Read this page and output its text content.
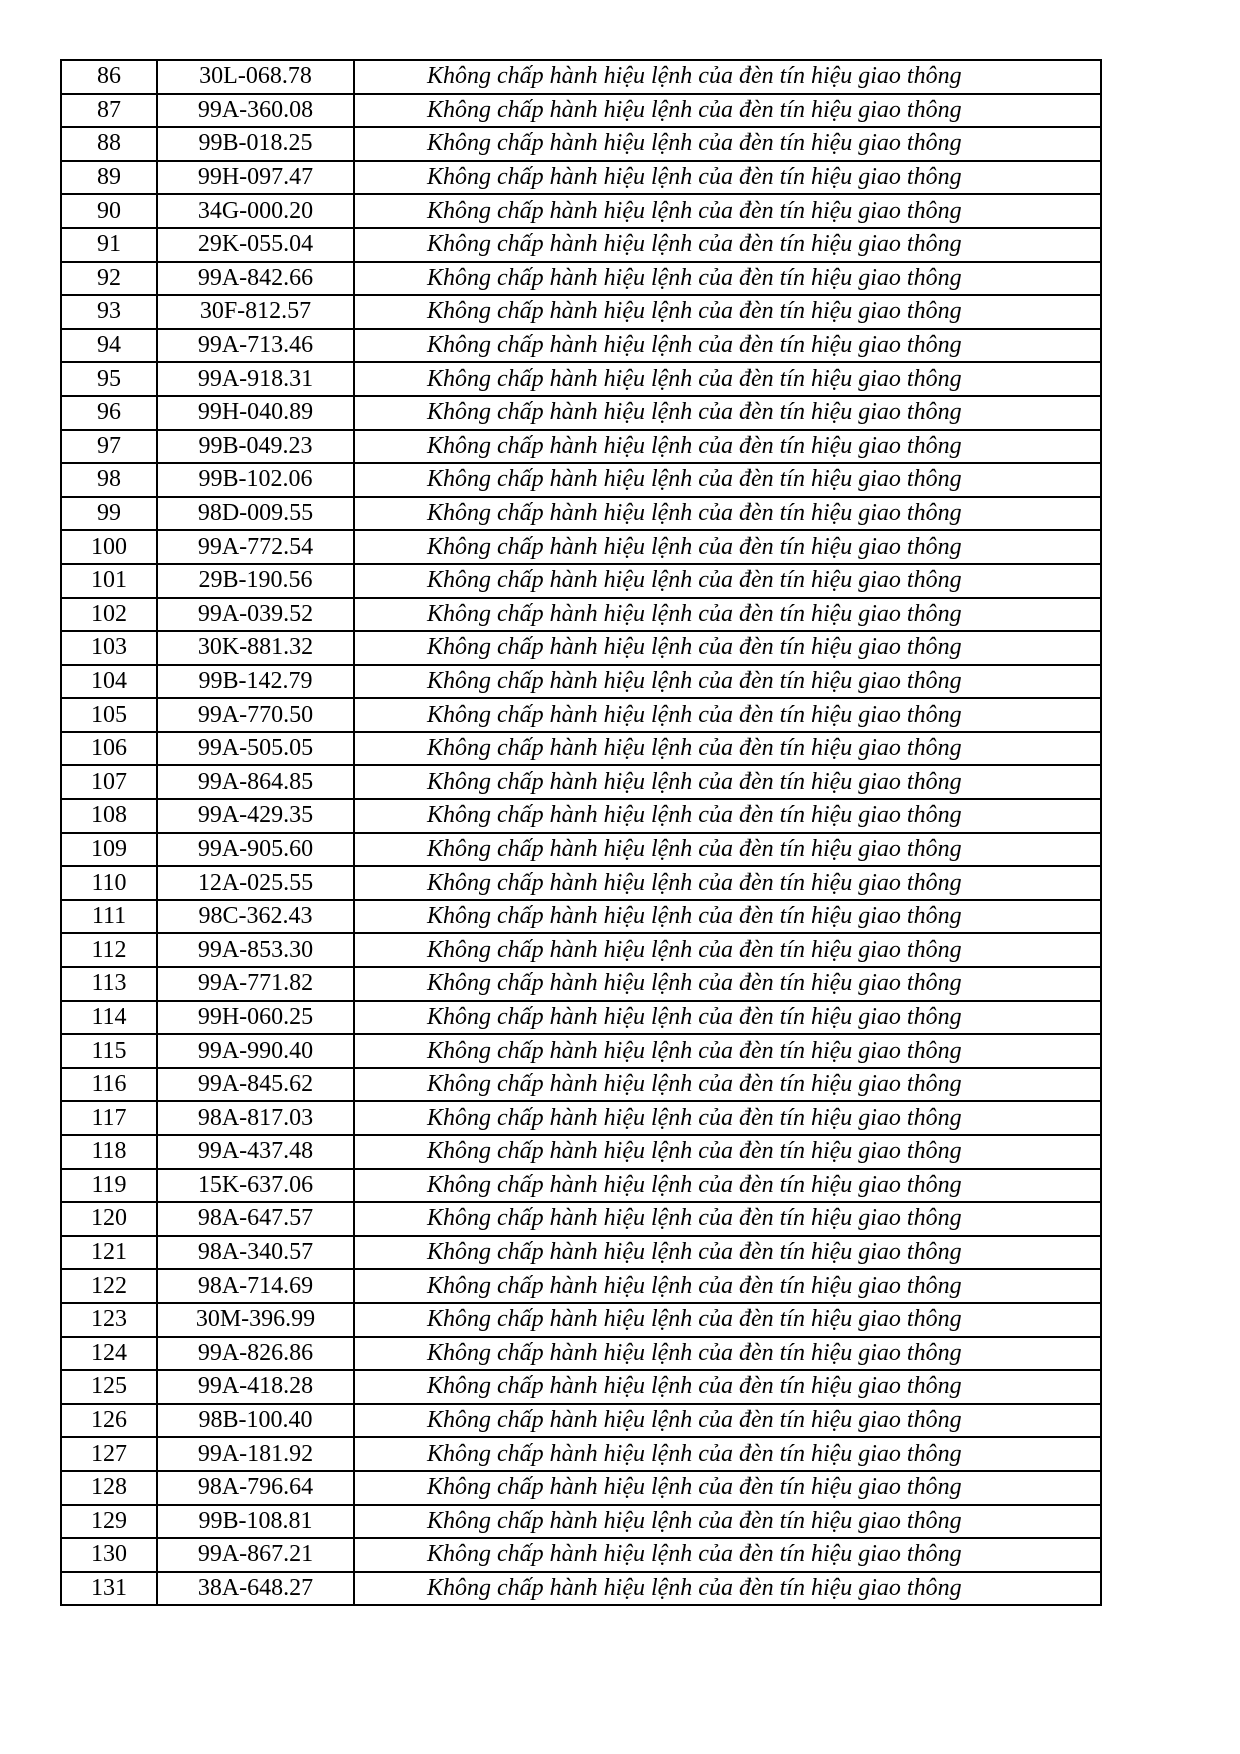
86	30L-068.78	Không chấp hành hiệu lệnh của đèn tín hiệu giao thông
87	99A-360.08	Không chấp hành hiệu lệnh của đèn tín hiệu giao thông
88	99B-018.25	Không chấp hành hiệu lệnh của đèn tín hiệu giao thông
89	99H-097.47	Không chấp hành hiệu lệnh của đèn tín hiệu giao thông
90	34G-000.20	Không chấp hành hiệu lệnh của đèn tín hiệu giao thông
91	29K-055.04	Không chấp hành hiệu lệnh của đèn tín hiệu giao thông
92	99A-842.66	Không chấp hành hiệu lệnh của đèn tín hiệu giao thông
93	30F-812.57	Không chấp hành hiệu lệnh của đèn tín hiệu giao thông
94	99A-713.46	Không chấp hành hiệu lệnh của đèn tín hiệu giao thông
95	99A-918.31	Không chấp hành hiệu lệnh của đèn tín hiệu giao thông
96	99H-040.89	Không chấp hành hiệu lệnh của đèn tín hiệu giao thông
97	99B-049.23	Không chấp hành hiệu lệnh của đèn tín hiệu giao thông
98	99B-102.06	Không chấp hành hiệu lệnh của đèn tín hiệu giao thông
99	98D-009.55	Không chấp hành hiệu lệnh của đèn tín hiệu giao thông
100	99A-772.54	Không chấp hành hiệu lệnh của đèn tín hiệu giao thông
101	29B-190.56	Không chấp hành hiệu lệnh của đèn tín hiệu giao thông
102	99A-039.52	Không chấp hành hiệu lệnh của đèn tín hiệu giao thông
103	30K-881.32	Không chấp hành hiệu lệnh của đèn tín hiệu giao thông
104	99B-142.79	Không chấp hành hiệu lệnh của đèn tín hiệu giao thông
105	99A-770.50	Không chấp hành hiệu lệnh của đèn tín hiệu giao thông
106	99A-505.05	Không chấp hành hiệu lệnh của đèn tín hiệu giao thông
107	99A-864.85	Không chấp hành hiệu lệnh của đèn tín hiệu giao thông
108	99A-429.35	Không chấp hành hiệu lệnh của đèn tín hiệu giao thông
109	99A-905.60	Không chấp hành hiệu lệnh của đèn tín hiệu giao thông
110	12A-025.55	Không chấp hành hiệu lệnh của đèn tín hiệu giao thông
111	98C-362.43	Không chấp hành hiệu lệnh của đèn tín hiệu giao thông
112	99A-853.30	Không chấp hành hiệu lệnh của đèn tín hiệu giao thông
113	99A-771.82	Không chấp hành hiệu lệnh của đèn tín hiệu giao thông
114	99H-060.25	Không chấp hành hiệu lệnh của đèn tín hiệu giao thông
115	99A-990.40	Không chấp hành hiệu lệnh của đèn tín hiệu giao thông
116	99A-845.62	Không chấp hành hiệu lệnh của đèn tín hiệu giao thông
117	98A-817.03	Không chấp hành hiệu lệnh của đèn tín hiệu giao thông
118	99A-437.48	Không chấp hành hiệu lệnh của đèn tín hiệu giao thông
119	15K-637.06	Không chấp hành hiệu lệnh của đèn tín hiệu giao thông
120	98A-647.57	Không chấp hành hiệu lệnh của đèn tín hiệu giao thông
121	98A-340.57	Không chấp hành hiệu lệnh của đèn tín hiệu giao thông
122	98A-714.69	Không chấp hành hiệu lệnh của đèn tín hiệu giao thông
123	30M-396.99	Không chấp hành hiệu lệnh của đèn tín hiệu giao thông
124	99A-826.86	Không chấp hành hiệu lệnh của đèn tín hiệu giao thông
125	99A-418.28	Không chấp hành hiệu lệnh của đèn tín hiệu giao thông
126	98B-100.40	Không chấp hành hiệu lệnh của đèn tín hiệu giao thông
127	99A-181.92	Không chấp hành hiệu lệnh của đèn tín hiệu giao thông
128	98A-796.64	Không chấp hành hiệu lệnh của đèn tín hiệu giao thông
129	99B-108.81	Không chấp hành hiệu lệnh của đèn tín hiệu giao thông
130	99A-867.21	Không chấp hành hiệu lệnh của đèn tín hiệu giao thông
131	38A-648.27	Không chấp hành hiệu lệnh của đèn tín hiệu giao thông
